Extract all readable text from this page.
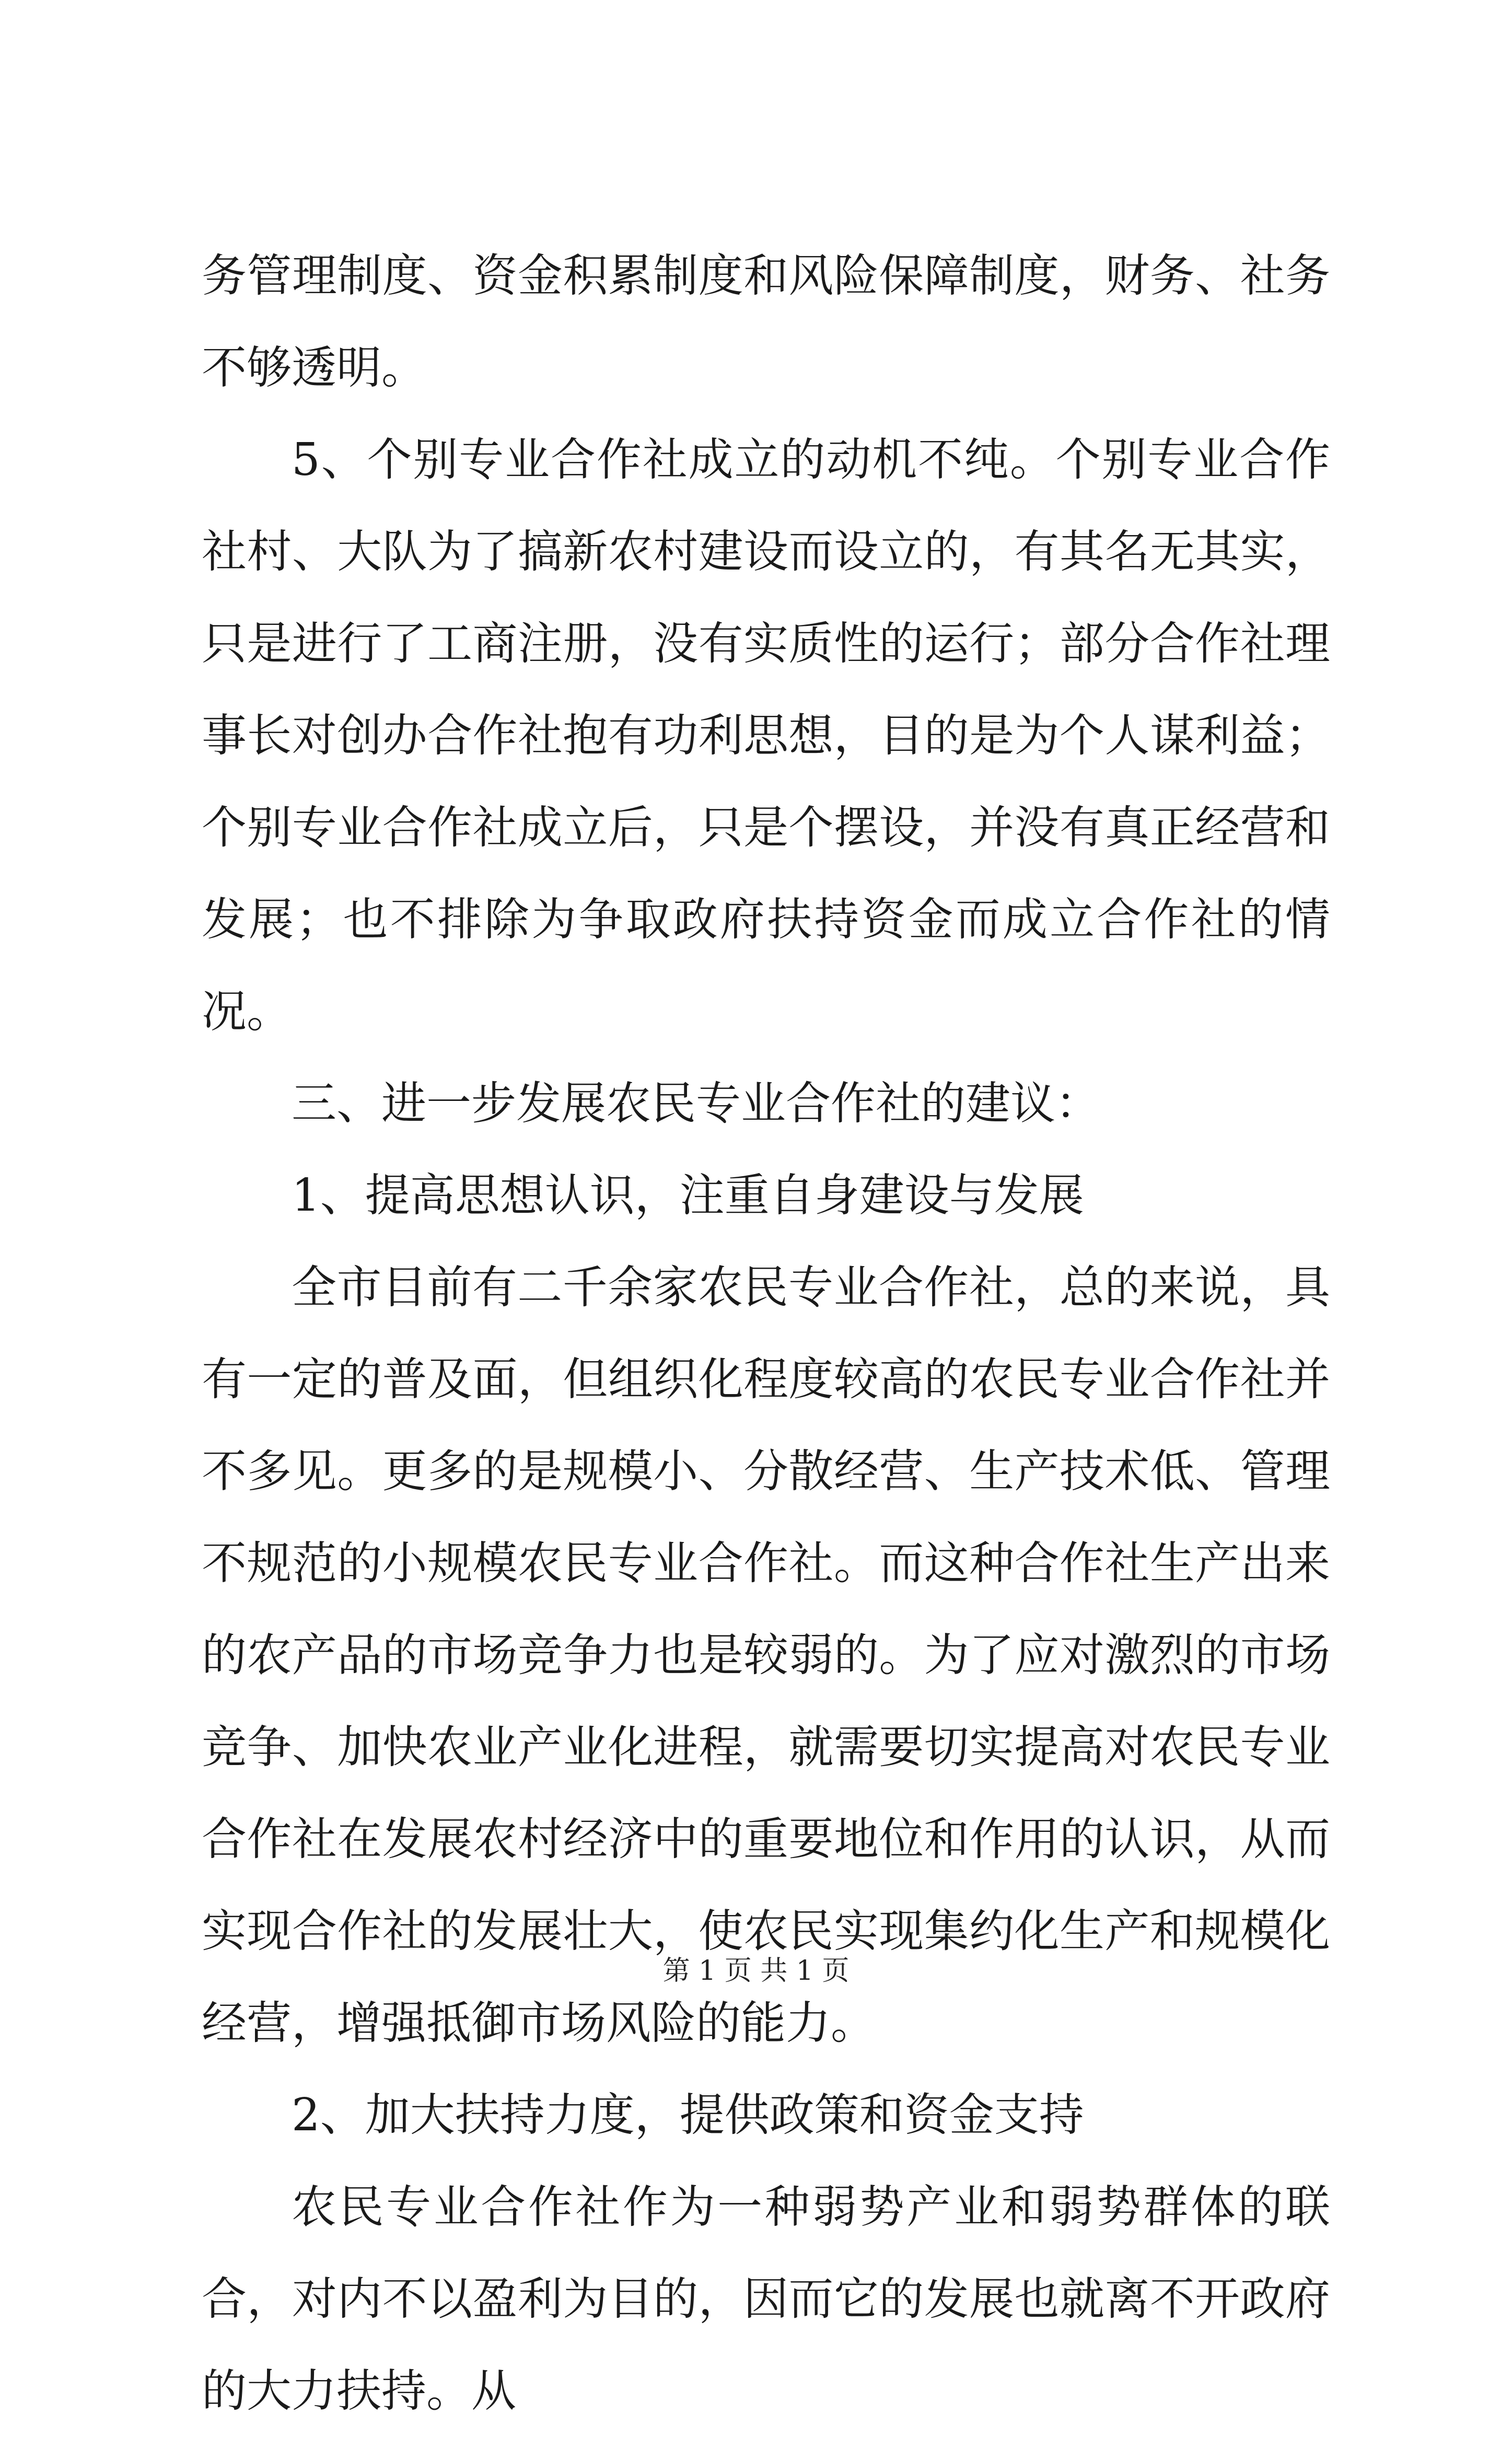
务管理制度、资金积累制度和风险保障制度，财务、社务不够透明。

5、个别专业合作社成立的动机不纯。个别专业合作社村、大队为了搞新农村建设而设立的，有其名无其实，只是进行了工商注册，没有实质性的运行；部分合作社理事长对创办合作社抱有功利思想，目的是为个人谋利益；个别专业合作社成立后，只是个摆设，并没有真正经营和发展；也不排除为争取政府扶持资金而成立合作社的情况。

三、进一步发展农民专业合作社的建议：

1、提高思想认识，注重自身建设与发展

全市目前有二千余家农民专业合作社，总的来说，具有一定的普及面，但组织化程度较高的农民专业合作社并不多见。更多的是规模小、分散经营、生产技术低、管理不规范的小规模农民专业合作社。而这种合作社生产出来的农产品的市场竞争力也是较弱的。为了应对激烈的市场竞争、加快农业产业化进程，就需要切实提高对农民专业合作社在发展农村经济中的重要地位和作用的认识，从而实现合作社的发展壮大，使农民实现集约化生产和规模化经营，增强抵御市场风险的能力。

2、加大扶持力度，提供政策和资金支持

农民专业合作社作为一种弱势产业和弱势群体的联合，对内不以盈利为目的，因而它的发展也就离不开政府的大力扶持。从

第 1 页 共 1 页
